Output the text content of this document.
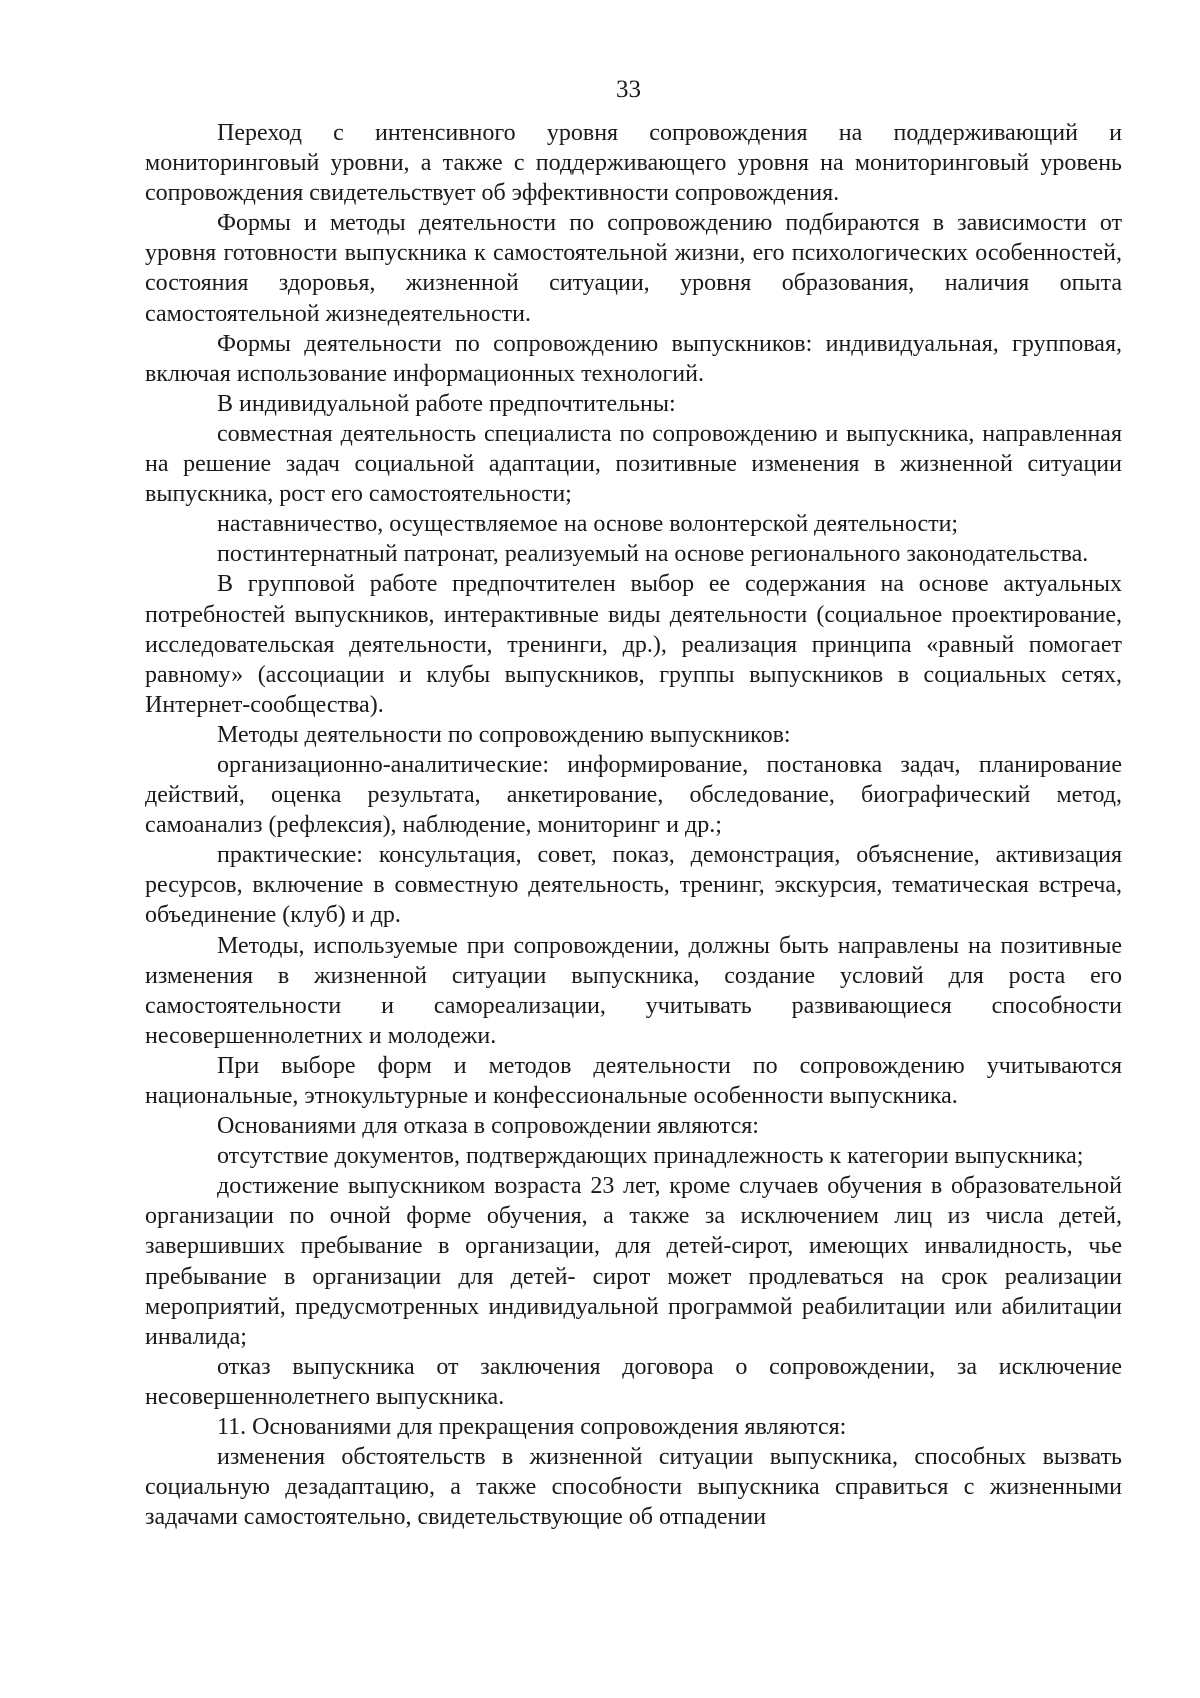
33

Переход с интенсивного уровня сопровождения на поддерживающий и мониторинговый уровни, а также с поддерживающего уровня на мониторинговый уровень сопровождения свидетельствует об эффективности сопровождения.

Формы и методы деятельности по сопровождению подбираются в зависимости от уровня готовности выпускника к самостоятельной жизни, его психологических особенностей, состояния здоровья, жизненной ситуации, уровня образования, наличия опыта самостоятельной жизнедеятельности.

Формы деятельности по сопровождению выпускников: индивидуальная, групповая, включая использование информационных технологий.

В индивидуальной работе предпочтительны:

совместная деятельность специалиста по сопровождению и выпускника, направленная на решение задач социальной адаптации, позитивные изменения в жизненной ситуации выпускника, рост его самостоятельности;

наставничество, осуществляемое на основе волонтерской деятельности;

постинтернатный патронат, реализуемый на основе регионального законодательства.

В групповой работе предпочтителен выбор ее содержания на основе актуальных потребностей выпускников, интерактивные виды деятельности (социальное проектирование, исследовательская деятельности, тренинги, др.), реализация принципа «равный помогает равному» (ассоциации и клубы выпускников, группы выпускников в социальных сетях, Интернет-сообщества).

Методы деятельности по сопровождению выпускников:

организационно-аналитические: информирование, постановка задач, планирование действий, оценка результата, анкетирование, обследование, биографический метод, самоанализ (рефлексия), наблюдение, мониторинг и др.;

практические: консультация, совет, показ, демонстрация, объяснение, активизация ресурсов, включение в совместную деятельность, тренинг, экскурсия, тематическая встреча, объединение (клуб) и др.

Методы, используемые при сопровождении, должны быть направлены на позитивные изменения в жизненной ситуации выпускника, создание условий для роста его самостоятельности и самореализации, учитывать развивающиеся способности несовершеннолетних и молодежи.

При выборе форм и методов деятельности по сопровождению учитываются национальные, этнокультурные и конфессиональные особенности выпускника.

Основаниями для отказа в сопровождении являются:

отсутствие документов, подтверждающих принадлежность к категории выпускника;

достижение выпускником возраста 23 лет, кроме случаев обучения в образовательной организации по очной форме обучения, а также за исключением лиц из числа детей, завершивших пребывание в организации, для детей-сирот, имеющих инвалидность, чье пребывание в организации для детей- сирот может продлеваться на срок реализации мероприятий, предусмотренных индивидуальной программой реабилитации или абилитации инвалида;

отказ выпускника от заключения договора о сопровождении, за исключение несовершеннолетнего выпускника.

11. Основаниями для прекращения сопровождения являются:

изменения обстоятельств в жизненной ситуации выпускника, способных вызвать социальную дезадаптацию, а также способности выпускника справиться с жизненными задачами самостоятельно, свидетельствующие об отпадении
